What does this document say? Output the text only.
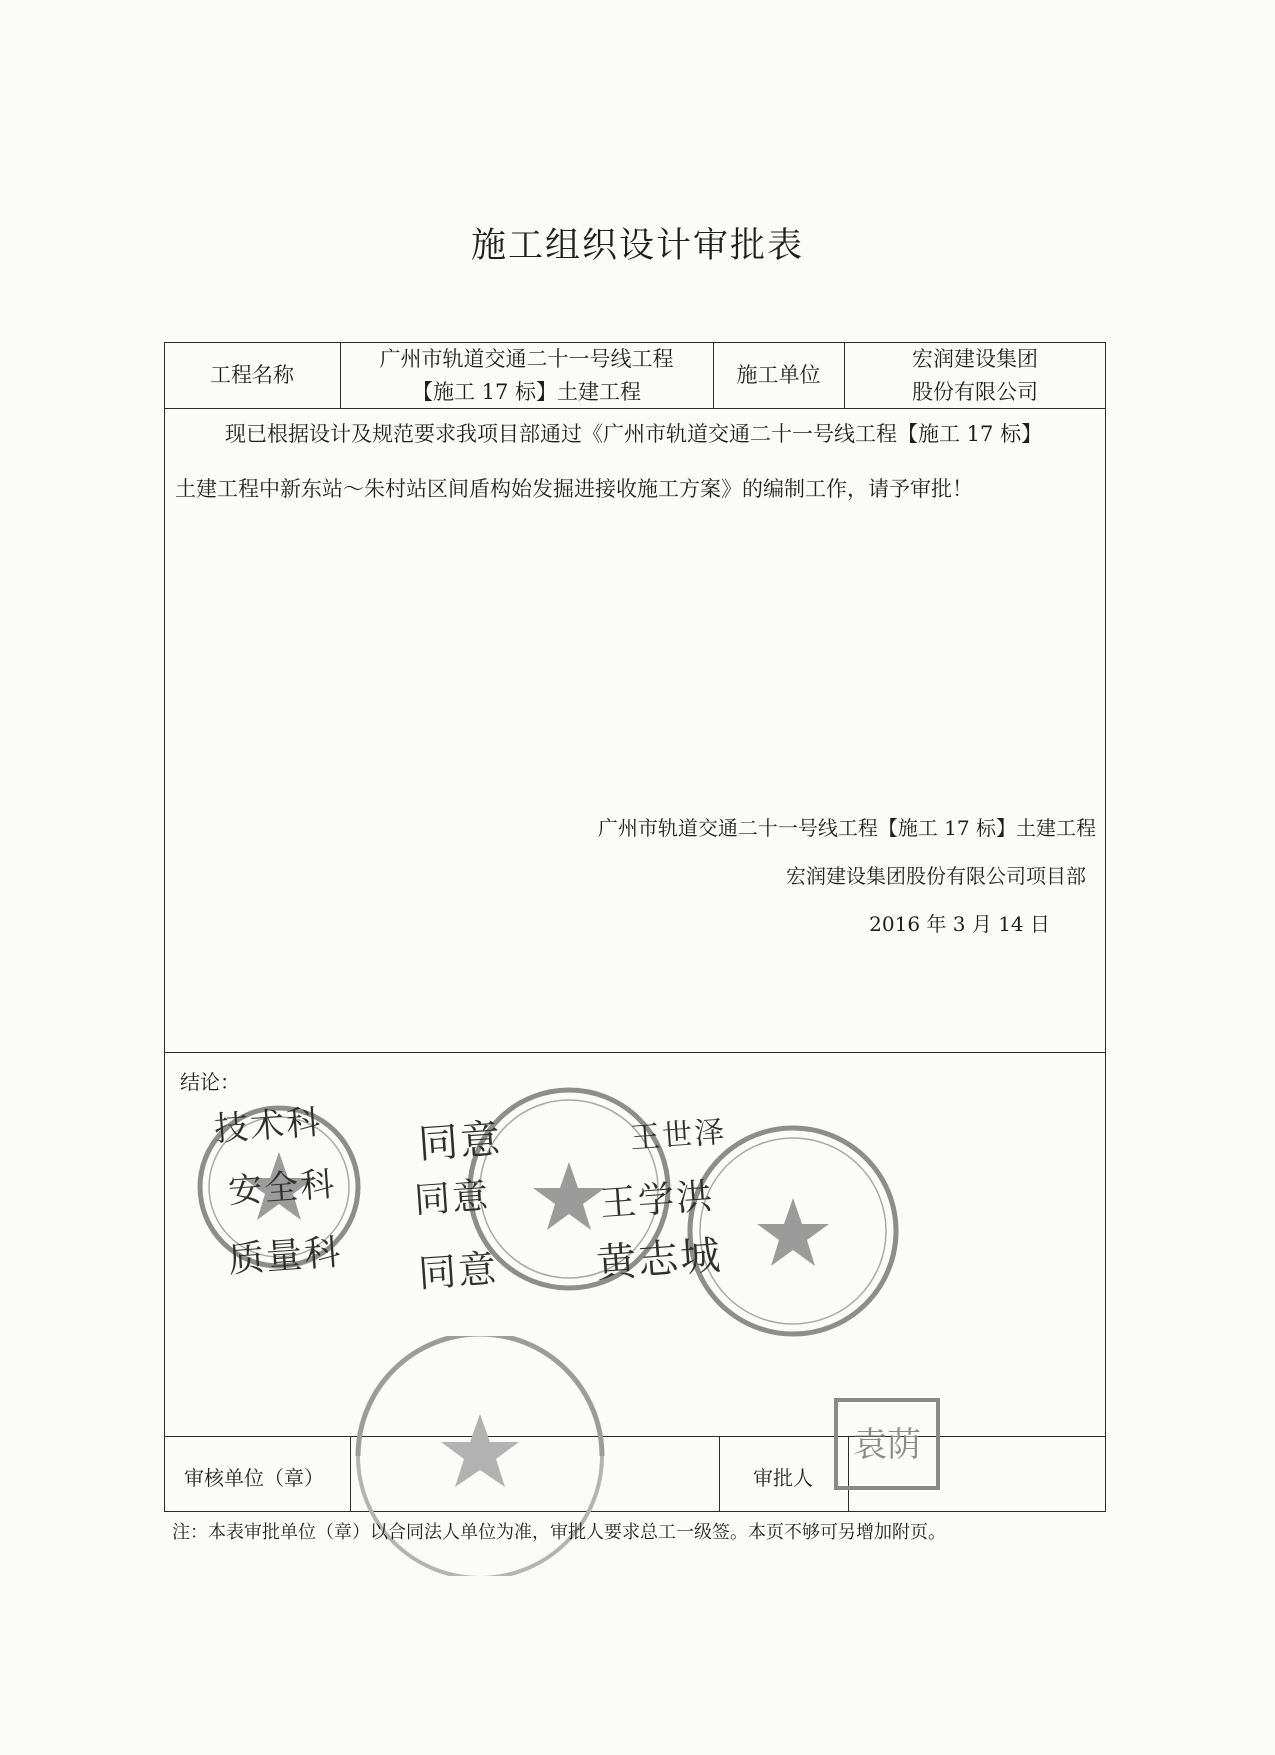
施工组织设计审批表
工程名称
广州市轨道交通二十一号线工程
【施工 17 标】土建工程
施工单位
宏润建设集团
股份有限公司
现已根据设计及规范要求我项目部通过《广州市轨道交通二十一号线工程【施工 17 标】
土建工程中新东站～朱村站区间盾构始发掘进接收施工方案》的编制工作，请予审批！
广州市轨道交通二十一号线工程【施工 17 标】土建工程
宏润建设集团股份有限公司项目部
2016 年 3 月 14 日
结论：
袁荫
技术科
安全科
质量科
同意
同意
同意
王世泽
王学洪
黄志城
审核单位（章）	审批人
注：本表审批单位（章）以合同法人单位为准，审批人要求总工一级签。本页不够可另增加附页。
